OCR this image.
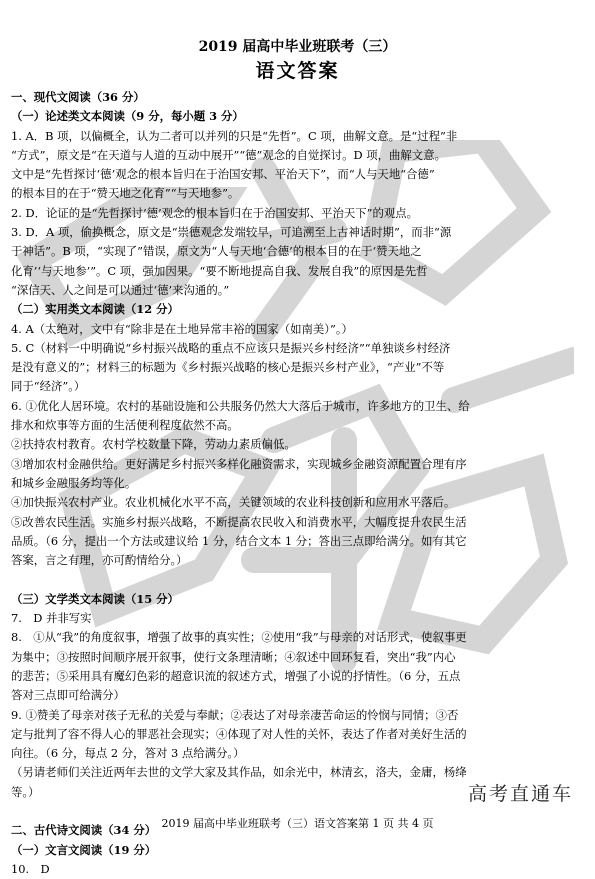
2019 届高中毕业班联考（三）
语文答案
一、现代文阅读（36 分）
（一）论述类文本阅读（9 分，每小题 3 分）
1. A．B 项，以偏概全，认为二者可以并列的只是“先哲”。C 项，曲解文意。是“过程”非
“方式”，原文是“在天道与人道的互动中展开”“德”观念的自觉探讨。D 项，曲解文意。
文中是“先哲探讨‘德’观念的根本旨归在于治国安邦、平治天下”，而“人与天地“合德”
的根本目的在于“赞天地之化育”“与天地参”。
2. D．论证的是“先哲探讨‘德’观念的根本旨归在于治国安邦、平治天下”的观点。
3. D．A 项，偷换概念，原文是“崇德观念发端较早，可追溯至上古神话时期”，而非“源
于神话”。B 项，“实现了”错误，原文为“人与天地‘合德’的根本目的在于‘赞天地之
化育’‘与天地参’”。C 项，强加因果。“要不断地提高自我、发展自我”的原因是先哲
“深信天、人之间是可以通过‘德’来沟通的。”
（二）实用类文本阅读（12 分）
4. A（太绝对，文中有“除非是在土地异常丰裕的国家（如南美）”。）
5. C（材料一中明确说“乡村振兴战略的重点不应该只是振兴乡村经济”“单独谈乡村经济
是没有意义的”；材料三的标题为《乡村振兴战略的核心是振兴乡村产业》，“产业”不等
同于“经济”。）
6. ①优化人居环境。农村的基础设施和公共服务仍然大大落后于城市，许多地方的卫生、给
排水和炊事等方面的生活便利程度依然不高。
②扶持农村教育。农村学校数量下降，劳动力素质偏低。
③增加农村金融供给。更好满足乡村振兴多样化融资需求，实现城乡金融资源配置合理有序
和城乡金融服务均等化。
④加快振兴农村产业。农业机械化水平不高，关键领域的农业科技创新和应用水平落后。
⑤改善农民生活。实施乡村振兴战略，不断提高农民收入和消费水平，大幅度提升农民生活
品质。（6 分，提出一个方法或建议给 1 分，结合文本 1 分；答出三点即给满分。如有其它
答案，言之有理，亦可酌情给分。）
（三）文学类文本阅读（15 分）
7.　D 并非写实
8.　①从“我”的角度叙事，增强了故事的真实性；②使用“我”与母亲的对话形式，使叙事更
为集中；③按照时间顺序展开叙事，使行文条理清晰；④叙述中回环复看，突出“我”内心
的悲苦；⑤采用具有魔幻色彩的超意识流的叙述方式，增强了小说的抒情性。（6 分，五点
答对三点即可给满分）
9. ①赞美了母亲对孩子无私的关爱与奉献；②表达了对母亲凄苦命运的怜悯与同情；③否
定与批判了容不得人心的罪恶社会现实；④体现了对人性的关怀，表达了作者对美好生活的
向往。（6 分，每点 2 分，答对 3 点给满分。）
（另请老师们关注近两年去世的文学大家及其作品，如余光中，林清玄，洛夫，金庸，杨绛
等。）
二、古代诗文阅读（34 分）
（一）文言文阅读（19 分）
10.　D
高考直通车
2019 届高中毕业班联考（三）语文答案第 1 页 共 4 页
